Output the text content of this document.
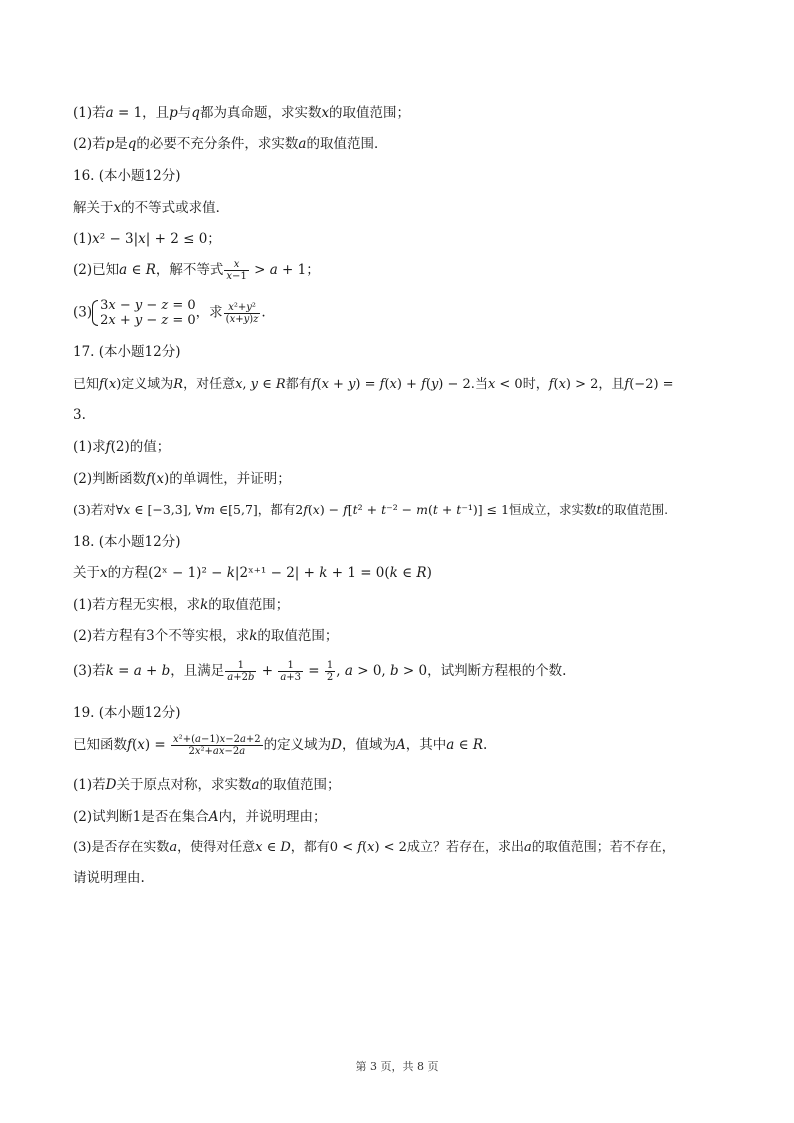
(1)若𝑎 = 1，且𝑝与𝑞都为真命题，求实数𝑥的取值范围；
(2)若𝑝是𝑞的必要不充分条件，求实数𝑎的取值范围．
16. (本小题12分)
解关于𝑥的不等式或求值．
(1)𝑥² − 3|𝑥| + 2 ≤ 0；
(2)已知𝑎 ∈ 𝑅，解不等式 $\frac{\text{𝑥}}{\text{𝑥−1}}$ > 𝑎 + 1；
(3) 3𝑥 − 𝑦 − 𝑧 = 0
2𝑥 + 𝑦 − 𝑧 = 0 ，求 $\frac{\text{𝑥²+𝑦²}}{\text{(𝑥+𝑦)𝑧}}$ .
17. (本小题12分)
已知𝑓(𝑥)定义域为𝑅，对任意𝑥, 𝑦 ∈ 𝑅都有𝑓(𝑥 + 𝑦) = 𝑓(𝑥) + 𝑓(𝑦) − 2.当𝑥 < 0时，𝑓(𝑥) > 2，且𝑓(−2) =
3.
(1)求𝑓(2)的值；
(2)判断函数𝑓(𝑥)的单调性，并证明；
(3)若对∀𝑥 ∈ [−3,3], ∀𝑚 ∈[5,7]，都有2𝑓(𝑥) − 𝑓[𝑡² + 𝑡⁻² − 𝑚(𝑡 + 𝑡⁻¹)] ≤ 1恒成立，求实数𝑡的取值范围.
18. (本小题12分)
关于𝑥的方程(2ˣ − 1)² − 𝑘|2ˣ⁺¹ − 2| + 𝑘 + 1 = 0(𝑘 ∈ 𝑅)
(1)若方程无实根，求𝑘的取值范围；
(2)若方程有3个不等实根，求𝑘的取值范围；
(3)若𝑘 = 𝑎 + 𝑏，且满足 $\frac{1}{\text{𝑎+2𝑏}} + \frac{1}{\text{𝑎+3}} = \frac{1}{2}$ , 𝑎 > 0, 𝑏 > 0，试判断方程根的个数.
19. (本小题12分)
已知函数𝑓(𝑥) = $\frac{\text{𝑥²+(𝑎−1)𝑥−2𝑎+2}}{\text{2𝑥²+𝑎𝑥−2𝑎}}$ 的定义域为𝐷，值域为𝐴，其中𝑎 ∈ 𝑅.
(1)若𝐷关于原点对称，求实数𝑎的取值范围；
(2)试判断1是否在集合𝐴内，并说明理由；
(3)是否存在实数𝑎，使得对任意𝑥 ∈ 𝐷，都有0 < 𝑓(𝑥) < 2成立？若存在，求出𝑎的取值范围；若不存在，
请说明理由.
第 3 页，共 8 页
